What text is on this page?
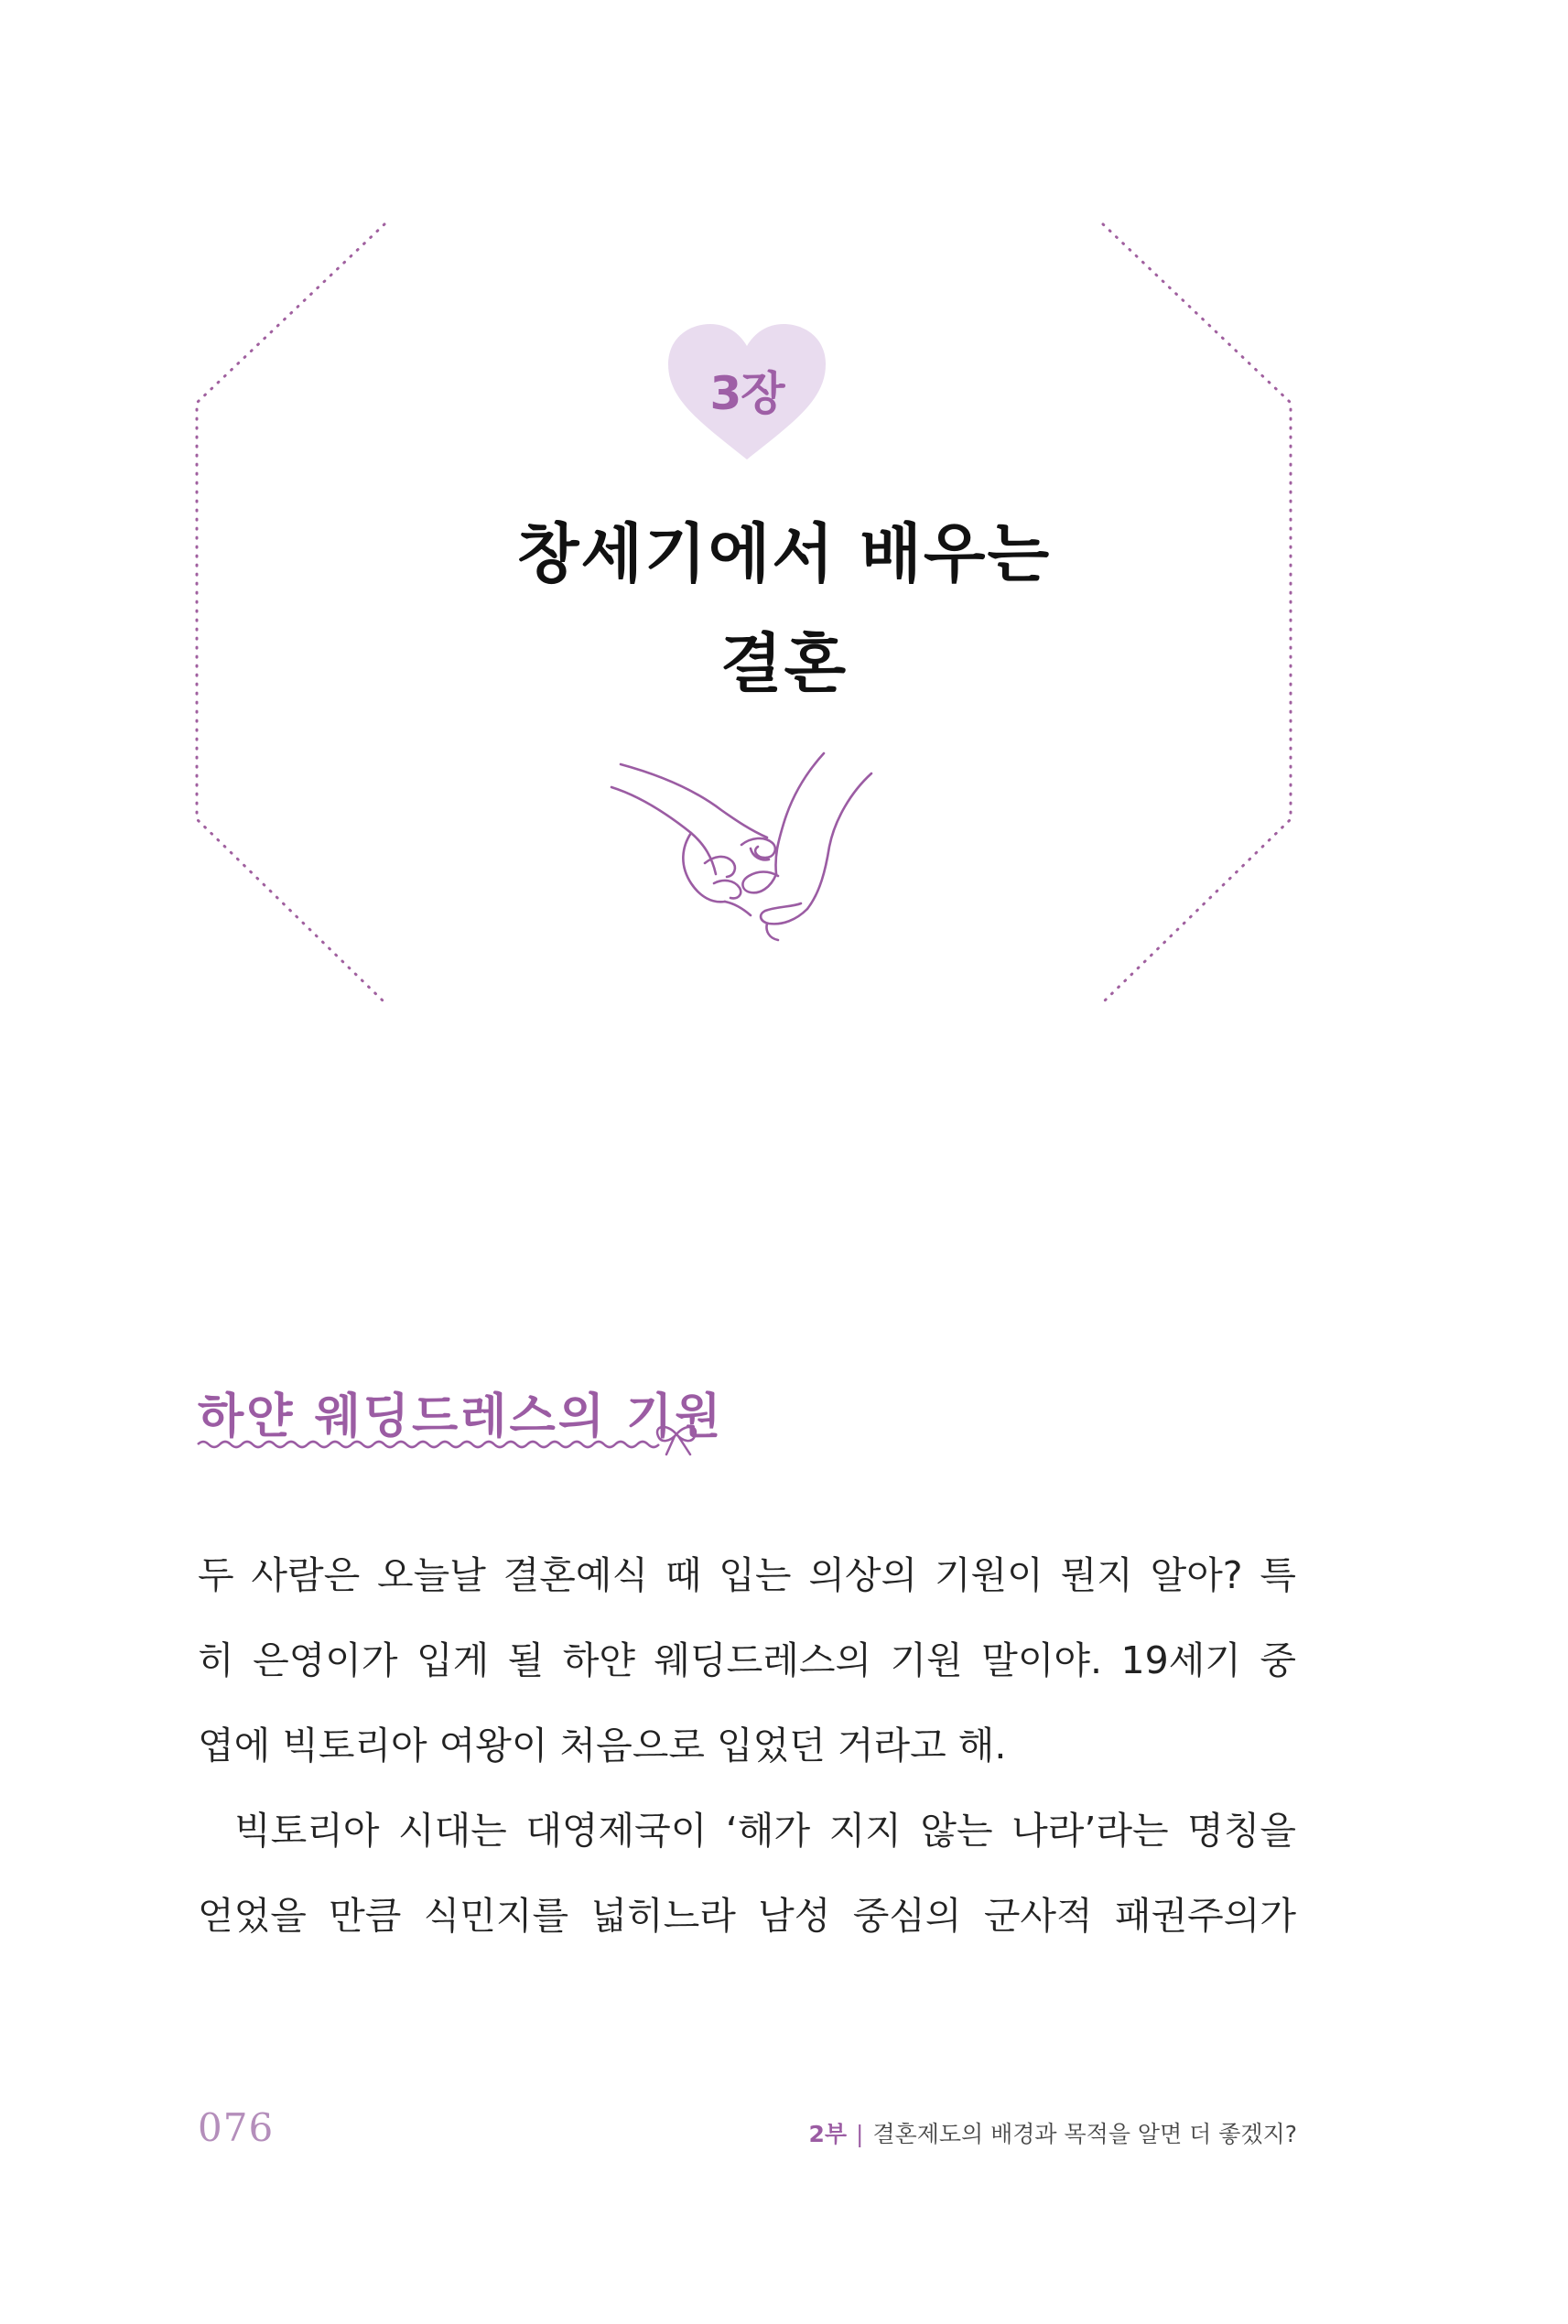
3장
창세기에서 배우는
결혼
하얀 웨딩드레스의 기원

두 사람은 오늘날 결혼예식 때 입는 의상의 기원이 뭔지 알아? 특

히 은영이가 입게 될 하얀 웨딩드레스의 기원 말이야. 19세기 중

엽에 빅토리아 여왕이 처음으로 입었던 거라고 해.

빅토리아 시대는 대영제국이 ‘해가 지지 않는 나라’라는 명칭을

얻었을 만큼 식민지를 넓히느라 남성 중심의 군사적 패권주의가

076	2부 | 결혼제도의 배경과 목적을 알면 더 좋겠지?
